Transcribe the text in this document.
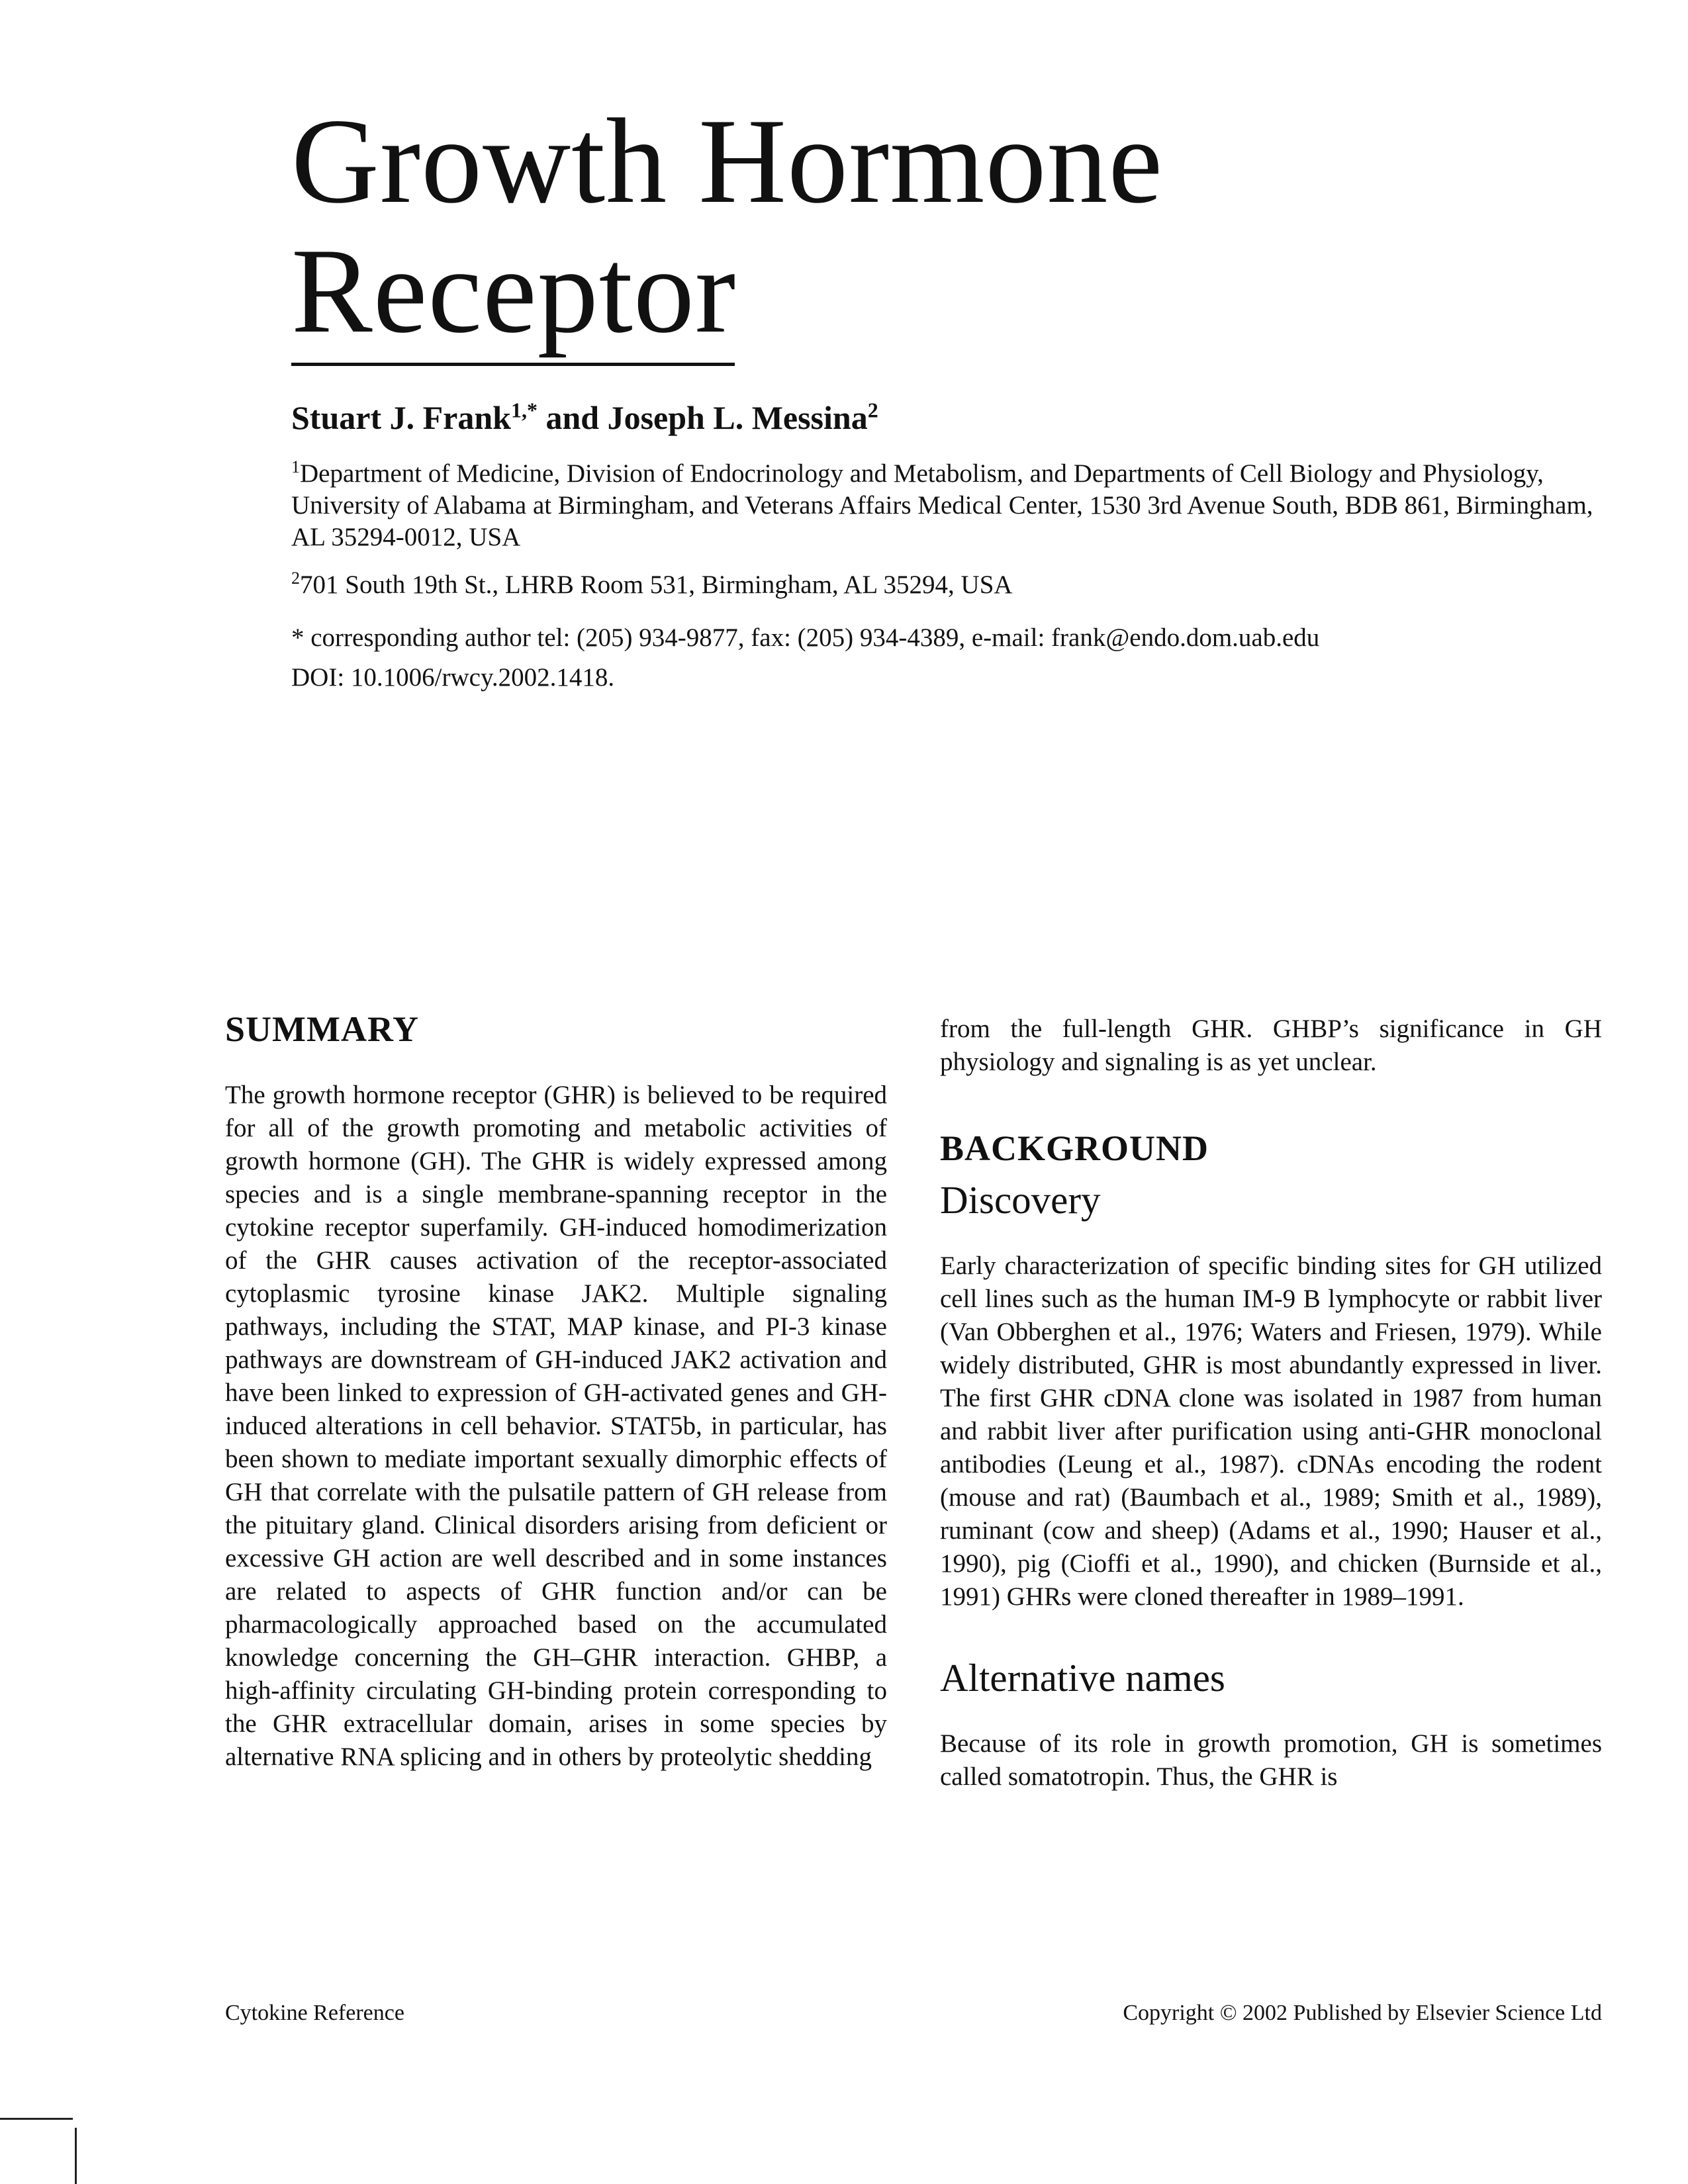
Growth Hormone
Receptor

Stuart J. Frank$^{1,*}$ and Joseph L. Messina$^2$

$^1$Department of Medicine, Division of Endocrinology and Metabolism, and Departments of Cell Biology and Physiology, University of Alabama at Birmingham, and Veterans Affairs Medical Center, 1530 3rd Avenue South, BDB 861, Birmingham, AL 35294-0012, USA

$^2$701 South 19th St., LHRB Room 531, Birmingham, AL 35294, USA

* corresponding author tel: (205) 934-9877, fax: (205) 934-4389, e-mail: frank@endo.dom.uab.edu

DOI: 10.1006/rwcy.2002.1418.

SUMMARY

The growth hormone receptor (GHR) is believed to be required for all of the growth promoting and metabolic activities of growth hormone (GH). The GHR is widely expressed among species and is a single membrane-spanning receptor in the cytokine receptor superfamily. GH-induced homodimerization of the GHR causes activation of the receptor-associated cytoplasmic tyrosine kinase JAK2. Multiple signaling pathways, including the STAT, MAP kinase, and PI-3 kinase pathways are downstream of GH-induced JAK2 activation and have been linked to expression of GH-activated genes and GH-induced alterations in cell behavior. STAT5b, in particular, has been shown to mediate important sexually dimorphic effects of GH that correlate with the pulsatile pattern of GH release from the pituitary gland. Clinical disorders arising from deficient or excessive GH action are well described and in some instances are related to aspects of GHR function and/or can be pharmacologically approached based on the accumulated knowledge concerning the GH–GHR interaction. GHBP, a high-affinity circulating GH-binding protein corresponding to the GHR extracellular domain, arises in some species by alternative RNA splicing and in others by proteolytic shedding

from the full-length GHR. GHBP’s significance in GH physiology and signaling is as yet unclear.

BACKGROUND
Discovery

Early characterization of specific binding sites for GH utilized cell lines such as the human IM-9 B lymphocyte or rabbit liver (Van Obberghen et al., 1976; Waters and Friesen, 1979). While widely distributed, GHR is most abundantly expressed in liver. The first GHR cDNA clone was isolated in 1987 from human and rabbit liver after purification using anti-GHR monoclonal antibodies (Leung et al., 1987). cDNAs encoding the rodent (mouse and rat) (Baumbach et al., 1989; Smith et al., 1989), ruminant (cow and sheep) (Adams et al., 1990; Hauser et al., 1990), pig (Cioffi et al., 1990), and chicken (Burnside et al., 1991) GHRs were cloned thereafter in 1989–1991.

Alternative names

Because of its role in growth promotion, GH is sometimes called somatotropin. Thus, the GHR is

Cytokine Reference	Copyright © 2002 Published by Elsevier Science Ltd
